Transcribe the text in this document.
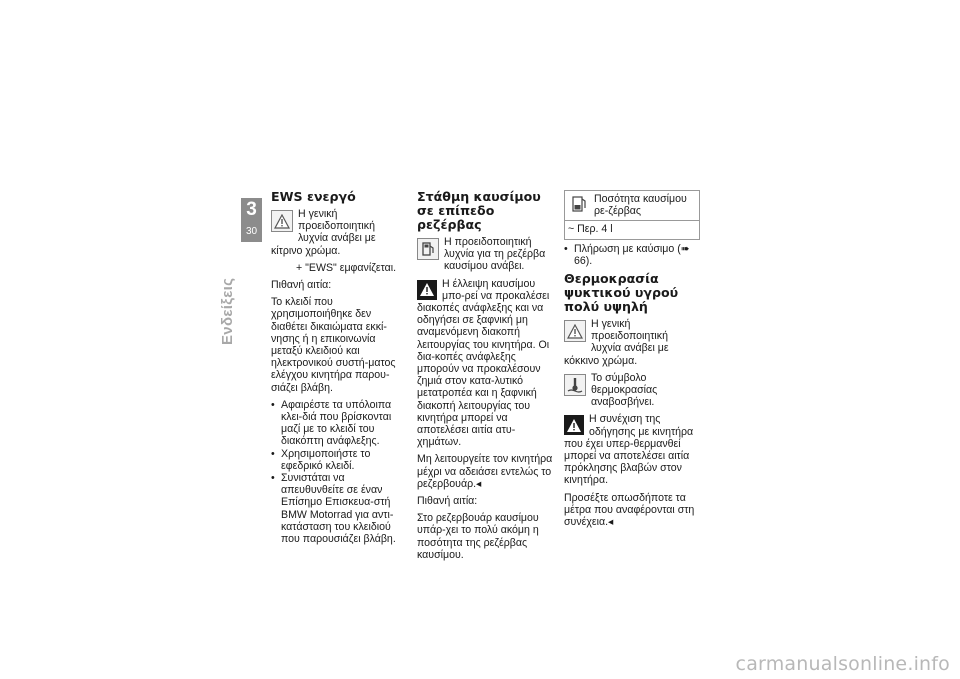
3
30
Ενδείξεις
EWS ενεργό
Η γενική προειδοποιητική λυχνία ανάβει με κίτρινο χρώμα.

+ "EWS" εμφανίζεται.

Πιθανή αιτία:

Το κλειδί που χρησιμοποιήθηκε δεν διαθέτει δικαιώματα εκκί-νησης ή η επικοινωνία μεταξύ κλειδιού και ηλεκτρονικού συστή-ματος ελέγχου κινητήρα παρου-σιάζει βλάβη.

• Αφαιρέστε τα υπόλοιπα κλει-διά που βρίσκονται μαζί με το κλειδί του διακόπτη ανάφλεξης.
• Χρησιμοποιήστε το εφεδρικό κλειδί.
• Συνιστάται να απευθυνθείτε σε έναν Επίσημο Επισκευα-στή BMW Motorrad για αντι-κατάσταση του κλειδιού που παρουσιάζει βλάβη.
Στάθμη καυσίμου σε επίπεδο ρεζέρβας
Η προειδοποιητική λυχνία για τη ρεζέρβα καυσίμου ανάβει.
Η έλλειψη καυσίμου μπο-ρεί να προκαλέσει διακοπές ανάφλεξης και να οδηγήσει σε ξαφνική μη αναμενόμενη διακοπή λειτουργίας του κινητήρα. Οι δια-κοπές ανάφλεξης μπορούν να προκαλέσουν ζημιά στον κατα-λυτικό μετατροπέα και η ξαφνική διακοπή λειτουργίας του κινητήρα μπορεί να αποτελέσει αιτία ατυ-χημάτων.

Μη λειτουργείτε τον κινητήρα μέχρι να αδειάσει εντελώς το ρεζερβουάρ.◂

Πιθανή αιτία:

Στο ρεζερβουάρ καυσίμου υπάρ-χει το πολύ ακόμη η ποσότητα της ρεζέρβας καυσίμου.

Ποσότητα καυσίμου ρε-ζέρβας
~ Περ. 4 l
• Πλήρωση με καύσιμο (➠ 66).
Θερμοκρασία ψυκτικού υγρού πολύ υψηλή
Η γενική προειδοποιητική λυχνία ανάβει με κόκκινο χρώμα.
Το σύμβολο θερμοκρασίας αναβοσβήνει.
Η συνέχιση της οδήγησης με κινητήρα που έχει υπερ-θερμανθεί μπορεί να αποτελέσει αιτία πρόκλησης βλαβών στον κινητήρα.

Προσέξτε οπωσδήποτε τα μέτρα που αναφέρονται στη συνέχεια.◂

carmanualsonline.info
